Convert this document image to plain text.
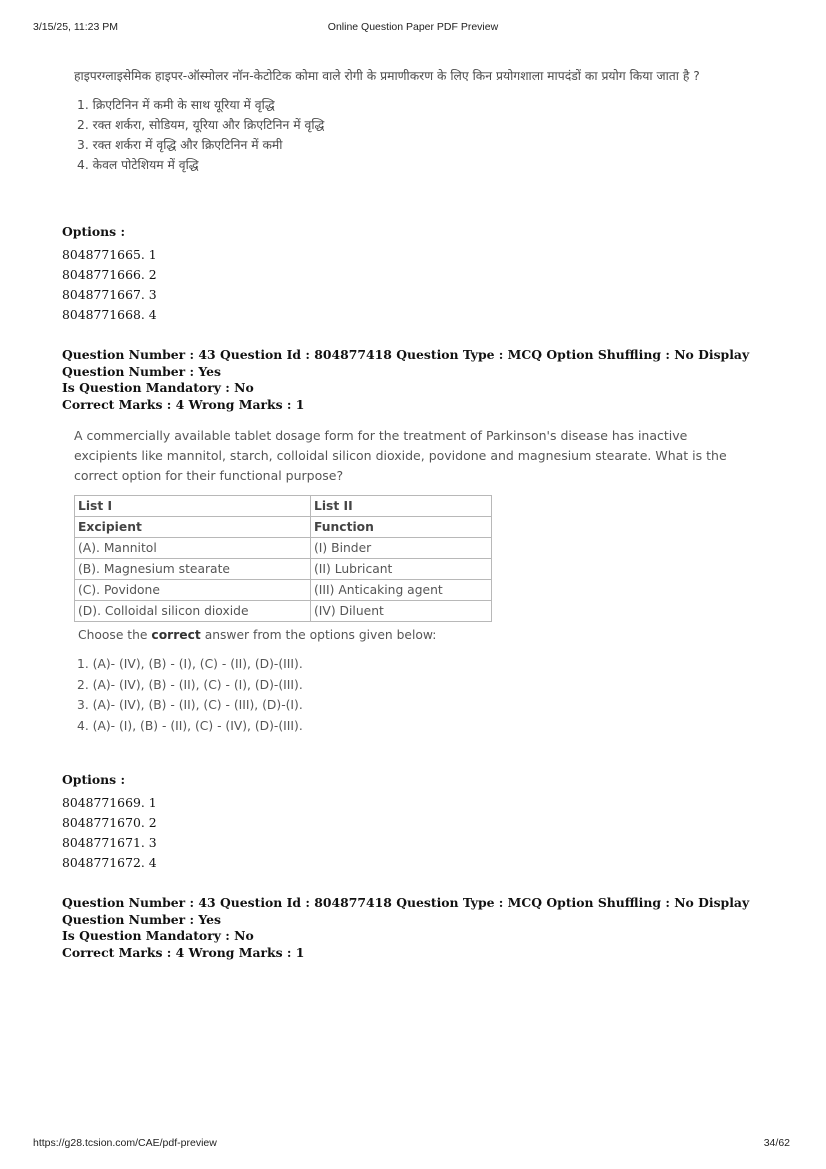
3/15/25, 11:23 PM	Online Question Paper PDF Preview

हाइपरग्लाइसेमिक हाइपर-ऑस्मोलर नॉन-केटोटिक कोमा वाले रोगी के प्रमाणीकरण के लिए किन प्रयोगशाला मापदंडों का प्रयोग किया जाता है ?

1. क्रिएटिनिन में कमी के साथ यूरिया में वृद्धि
2. रक्त शर्करा, सोडियम, यूरिया और क्रिएटिनिन में वृद्धि
3. रक्त शर्करा में वृद्धि और क्रिएटिनिन में कमी
4. केवल पोटेशियम में वृद्धि
Options :
8048771665. 1
8048771666. 2
8048771667. 3
8048771668. 4
Question Number : 43 Question Id : 804877418 Question Type : MCQ Option Shuffling : No Display Question Number : Yes
Is Question Mandatory : No
Correct Marks : 4 Wrong Marks : 1

A commercially available tablet dosage form for the treatment of Parkinson's disease has inactive excipients like mannitol, starch, colloidal silicon dioxide, povidone and magnesium stearate. What is the correct option for their functional purpose?

List I	List II
Excipient	Function
(A). Mannitol	(I) Binder
(B). Magnesium stearate	(II) Lubricant
(C). Povidone	(III) Anticaking agent
(D). Colloidal silicon dioxide	(IV) Diluent
Choose the correct answer from the options given below:
1. (A)- (IV), (B) - (I), (C) - (II), (D)-(III).
2. (A)- (IV), (B) - (II), (C) - (I), (D)-(III).
3. (A)- (IV), (B) - (II), (C) - (III), (D)-(I).
4. (A)- (I), (B) - (II), (C) - (IV), (D)-(III).
Options :
8048771669. 1
8048771670. 2
8048771671. 3
8048771672. 4
Question Number : 43 Question Id : 804877418 Question Type : MCQ Option Shuffling : No Display Question Number : Yes
Is Question Mandatory : No
Correct Marks : 4 Wrong Marks : 1
https://g28.tcsion.com/CAE/pdf-preview	34/62
